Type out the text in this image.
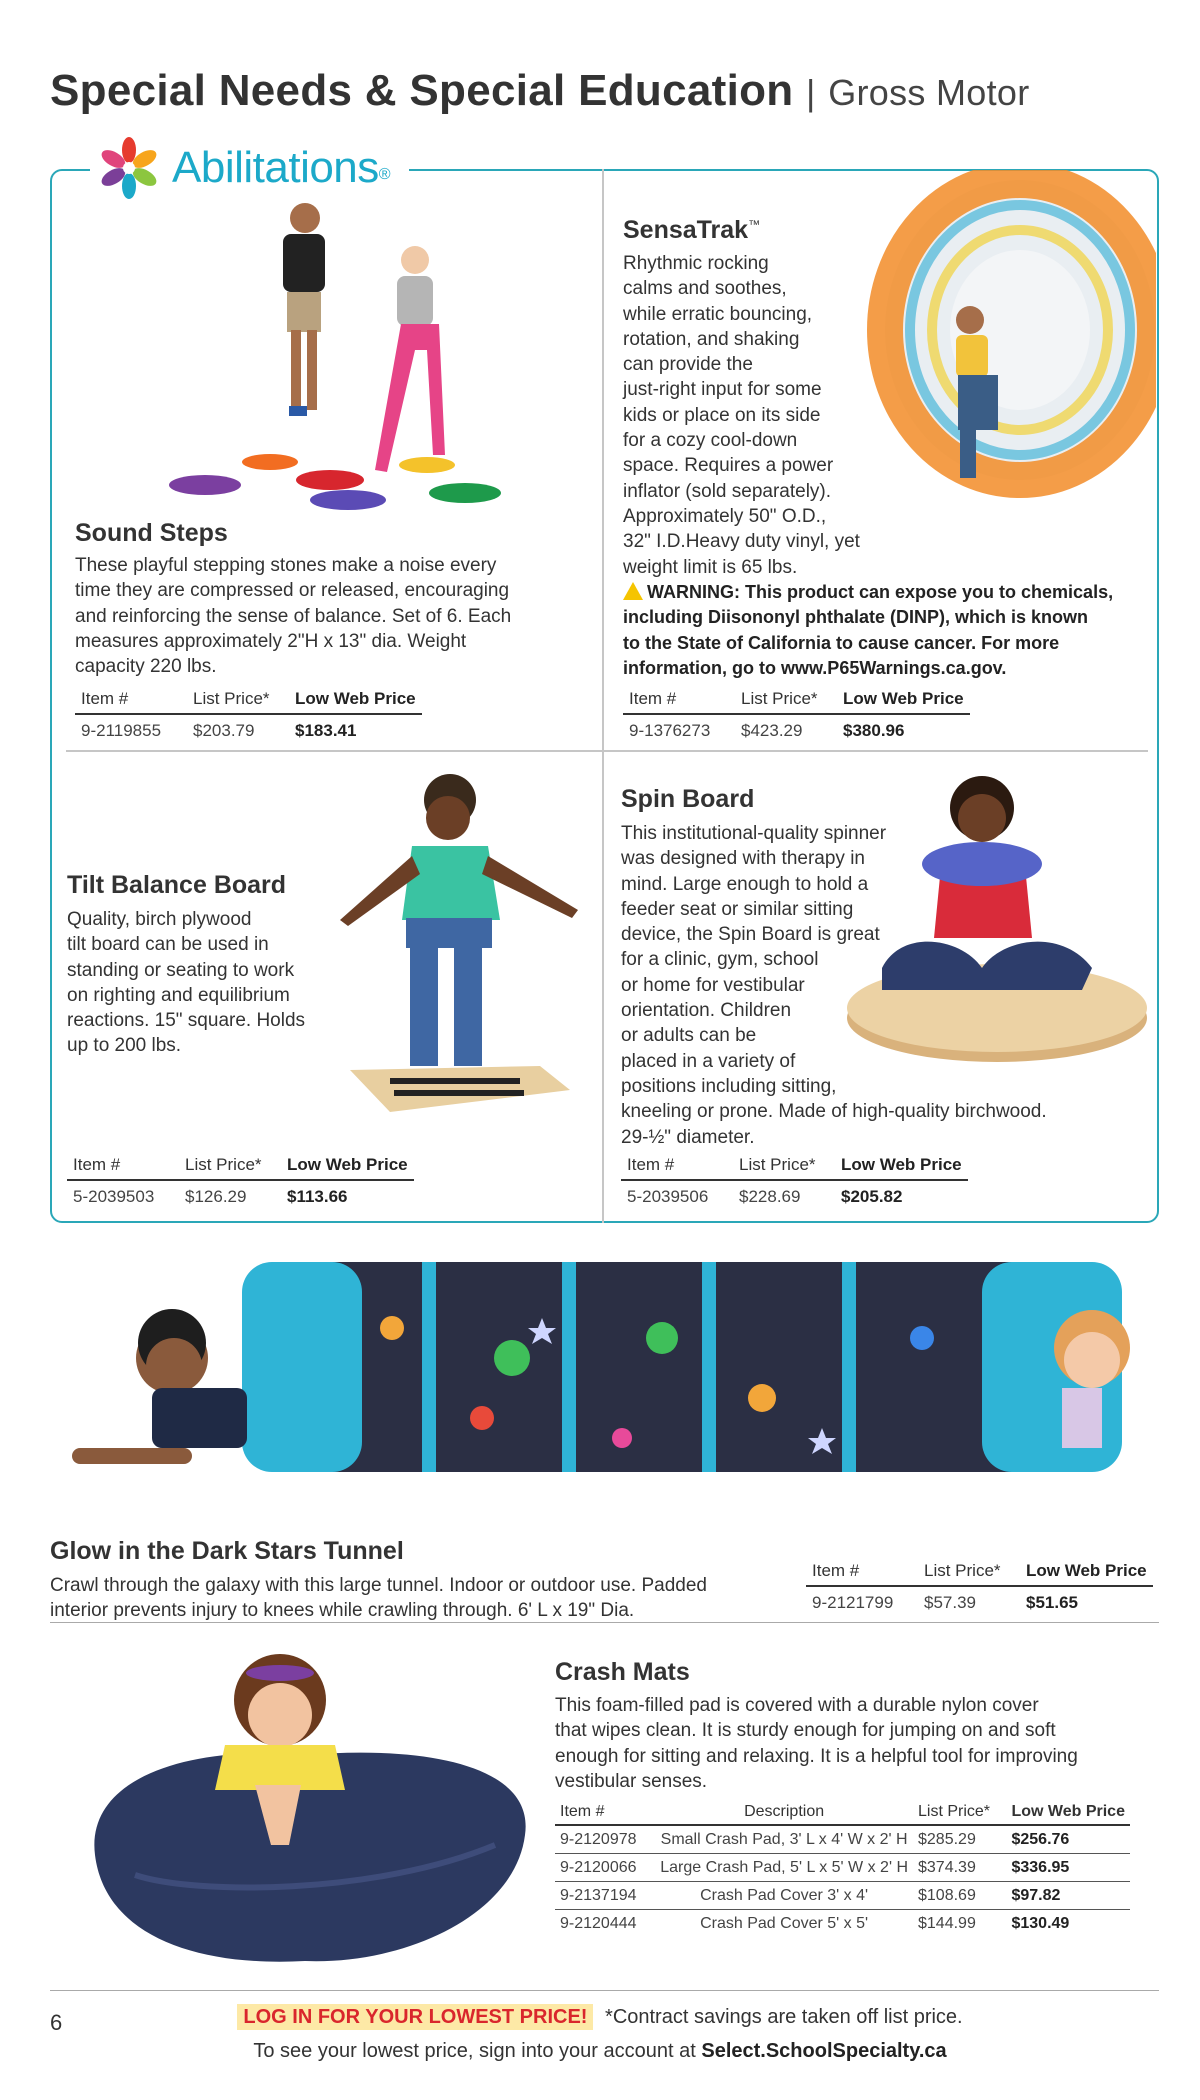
Special Needs & Special Education | Gross Motor
Abilitations ®
Sound Steps
These playful stepping stones make a noise every
time they are compressed or released, encouraging
and reinforcing the sense of balance. Set of 6. Each
measures approximately 2"H x 13" dia. Weight
capacity 220 lbs.
Item #	List Price*	Low Web Price
9-2119855	$203.79	$183.41
SensaTrak™
Rhythmic rocking
calms and soothes,
while erratic bouncing,
rotation, and shaking
can provide the
just-right input for some
kids or place on its side
for a cozy cool-down
space. Requires a power
inflator (sold separately).
Approximately 50" O.D.,
32" I.D.Heavy duty vinyl, yet
weight limit is 65 lbs.
WARNING: This product can expose you to chemicals,
including Diisononyl phthalate (DINP), which is known
to the State of California to cause cancer. For more
information, go to www.P65Warnings.ca.gov.
Item #	List Price*	Low Web Price
9-1376273	$423.29	$380.96
Tilt Balance Board
Quality, birch plywood
tilt board can be used in
standing or seating to work
on righting and equilibrium
reactions. 15" square. Holds
up to 200 lbs.
Item #	List Price*	Low Web Price
5-2039503	$126.29	$113.66
Spin Board
This institutional-quality spinner
was designed with therapy in
mind. Large enough to hold a
feeder seat or similar sitting
device, the Spin Board is great
for a clinic, gym, school
or home for vestibular
orientation. Children
or adults can be
placed in a variety of
positions including sitting,
kneeling or prone. Made of high-quality birchwood.
29-½" diameter.
Item #	List Price*	Low Web Price
5-2039506	$228.69	$205.82
Glow in the Dark Stars Tunnel
Crawl through the galaxy with this large tunnel. Indoor or outdoor use. Padded
interior prevents injury to knees while crawling through. 6' L x 19" Dia.
Item #	List Price*	Low Web Price
9-2121799	$57.39	$51.65
Crash Mats
This foam-filled pad is covered with a durable nylon cover
that wipes clean. It is sturdy enough for jumping on and soft
enough for sitting and relaxing. It is a helpful tool for improving
vestibular senses.
Item #	Description	List Price*	Low Web Price
9-2120978	Small Crash Pad, 3' L x 4' W x 2' H	$285.29	$256.76
9-2120066	Large Crash Pad, 5' L x 5' W x 2' H	$374.39	$336.95
9-2137194	Crash Pad Cover 3' x 4'	$108.69	$97.82
9-2120444	Crash Pad Cover 5' x 5'	$144.99	$130.49
6	LOG IN FOR YOUR LOWEST PRICE! *Contract savings are taken off list price.
To see your lowest price, sign into your account at Select.SchoolSpecialty.ca
